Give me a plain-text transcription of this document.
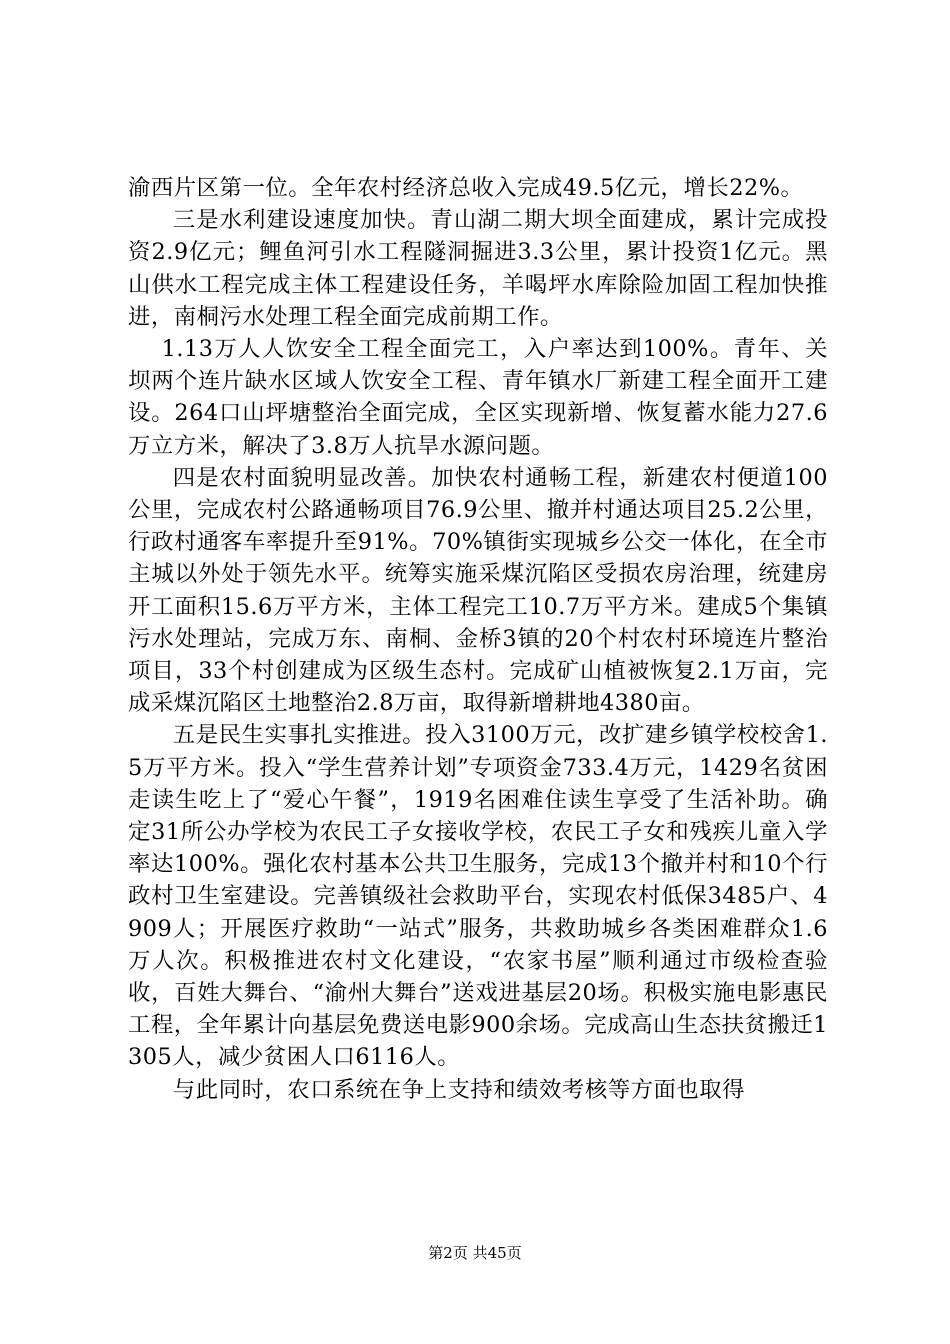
渝西片区第一位。全年农村经济总收入完成49.5亿元，增长22%。

三是水利建设速度加快。青山湖二期大坝全面建成，累计完成投资2.9亿元；鲤鱼河引水工程隧洞掘进3.3公里，累计投资1亿元。黑山供水工程完成主体工程建设任务，羊喝坪水库除险加固工程加快推进，南桐污水处理工程全面完成前期工作。

1.13万人人饮安全工程全面完工，入户率达到100%。青年、关坝两个连片缺水区域人饮安全工程、青年镇水厂新建工程全面开工建设。264口山坪塘整治全面完成，全区实现新增、恢复蓄水能力27.6万立方米，解决了3.8万人抗旱水源问题。

四是农村面貌明显改善。加快农村通畅工程，新建农村便道100公里，完成农村公路通畅项目76.9公里、撤并村通达项目25.2公里，行政村通客车率提升至91%。70%镇街实现城乡公交一体化，在全市主城以外处于领先水平。统筹实施采煤沉陷区受损农房治理，统建房开工面积15.6万平方米，主体工程完工10.7万平方米。建成5个集镇污水处理站，完成万东、南桐、金桥3镇的20个村农村环境连片整治项目，33个村创建成为区级生态村。完成矿山植被恢复2.1万亩，完成采煤沉陷区土地整治2.8万亩，取得新增耕地4380亩。

五是民生实事扎实推进。投入3100万元，改扩建乡镇学校校舍1.5万平方米。投入“学生营养计划”专项资金733.4万元，1429名贫困走读生吃上了“爱心午餐”，1919名困难住读生享受了生活补助。确定31所公办学校为农民工子女接收学校，农民工子女和残疾儿童入学率达100%。强化农村基本公共卫生服务，完成13个撤并村和10个行政村卫生室建设。完善镇级社会救助平台，实现农村低保3485户、4909人；开展医疗救助“一站式”服务，共救助城乡各类困难群众1.6万人次。积极推进农村文化建设，“农家书屋”顺利通过市级检查验收，百姓大舞台、“渝州大舞台”送戏进基层20场。积极实施电影惠民工程，全年累计向基层免费送电影900余场。完成高山生态扶贫搬迁1305人，减少贫困人口6116人。

与此同时，农口系统在争上支持和绩效考核等方面也取得

第2页 共45页
